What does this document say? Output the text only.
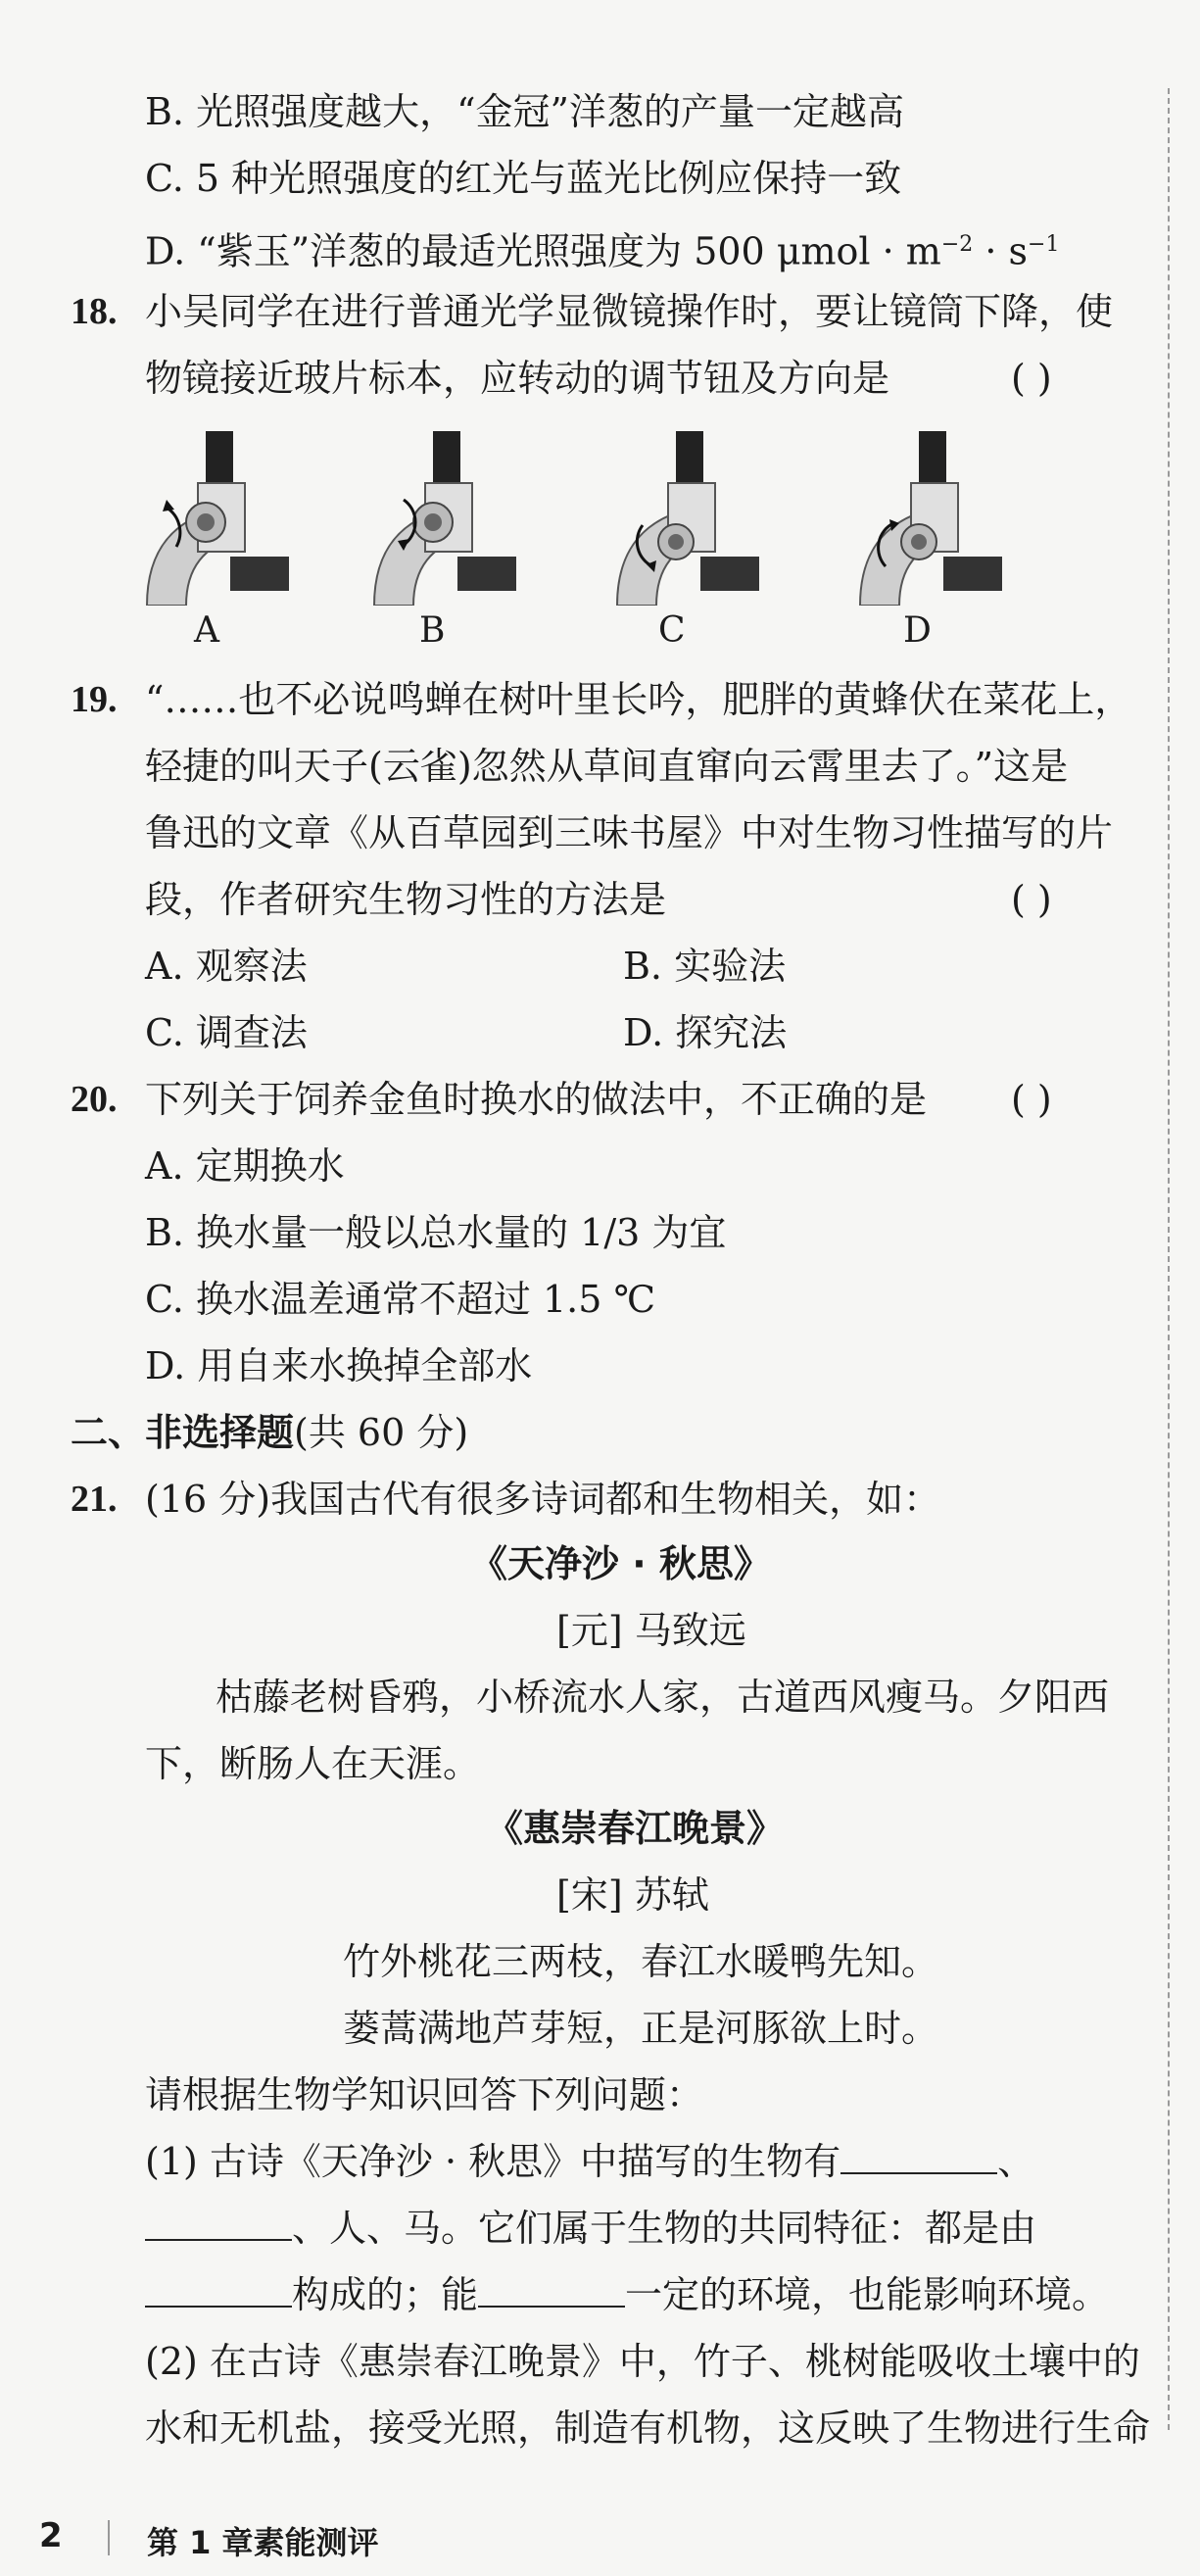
B. 光照强度越大，“金冠”洋葱的产量一定越高
C. 5 种光照强度的红光与蓝光比例应保持一致
D. “紫玉”洋葱的最适光照强度为 500 $\mu mol \cdot m^{-2} \cdot s^{-1}$
18. 小吴同学在进行普通光学显微镜操作时，要让镜筒下降，使
物镜接近玻片标本，应转动的调节钮及方向是	( )
A	B	C	D
19. “……也不必说鸣蝉在树叶里长吟，肥胖的黄蜂伏在菜花上，
轻捷的叫天子(云雀)忽然从草间直窜向云霄里去了。”这是
鲁迅的文章《从百草园到三味书屋》中对生物习性描写的片
段，作者研究生物习性的方法是	( )
A. 观察法	B. 实验法
C. 调查法	D. 探究法
20. 下列关于饲养金鱼时换水的做法中，不正确的是 ( )
A. 定期换水
B. 换水量一般以总水量的 1/3 为宜
C. 换水温差通常不超过 1.5 ℃
D. 用自来水换掉全部水
二、非选择题(共 60 分)
21. (16 分)我国古代有很多诗词都和生物相关，如：
《天净沙 · 秋思》
[元] 马致远
枯藤老树昏鸦，小桥流水人家，古道西风瘦马。夕阳西
下，断肠人在天涯。
《惠崇春江晚景》
[宋] 苏轼
竹外桃花三两枝，春江水暖鸭先知。
蒌蒿满地芦芽短，正是河豚欲上时。
请根据生物学知识回答下列问题：
(1) 古诗《天净沙 · 秋思》中描写的生物有	、
、人、马。它们属于生物的共同特征：都是由
构成的；能	一定的环境，也能影响环境。
(2) 在古诗《惠崇春江晚景》中，竹子、桃树能吸收土壤中的
水和无机盐，接受光照，制造有机物，这反映了生物进行生命
2	第 1 章素能测评
